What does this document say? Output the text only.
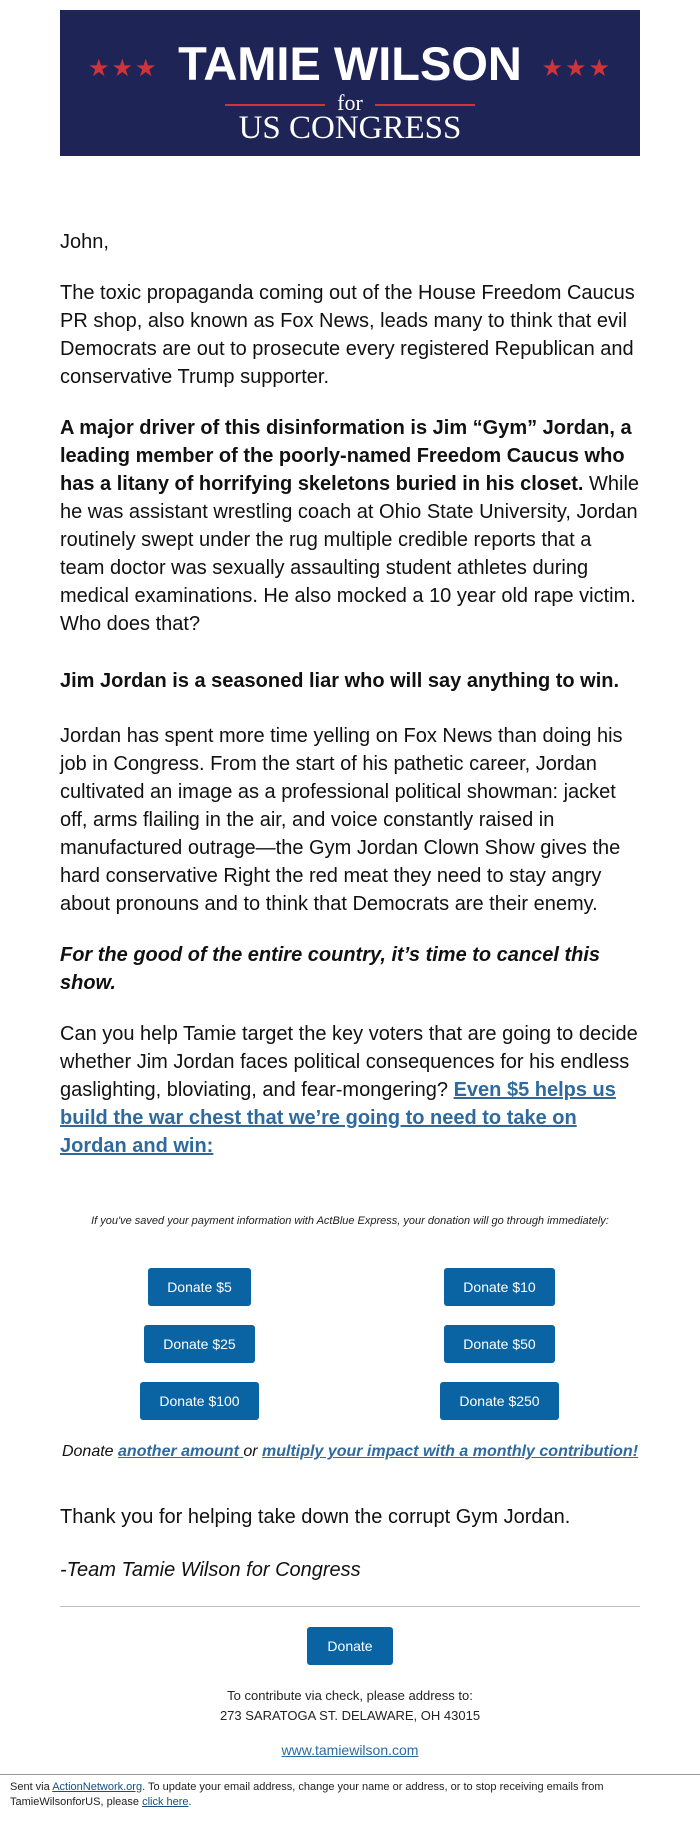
★★★	★★★
TAMIE WILSON
for
US CONGRESS

John,

The toxic propaganda coming out of the House Freedom Caucus PR shop, also known as Fox News, leads many to think that evil Democrats are out to prosecute every registered Republican and conservative Trump supporter.

A major driver of this disinformation is Jim “Gym” Jordan, a leading member of the poorly-named Freedom Caucus who has a litany of horrifying skeletons buried in his closet. While he was assistant wrestling coach at Ohio State University, Jordan routinely swept under the rug multiple credible reports that a team doctor was sexually assaulting student athletes during medical examinations. He also mocked a 10 year old rape victim. Who does that?

Jim Jordan is a seasoned liar who will say anything to win.

Jordan has spent more time yelling on Fox News than doing his job in Congress. From the start of his pathetic career, Jordan cultivated an image as a professional political showman: jacket off, arms flailing in the air, and voice constantly raised in manufactured outrage—the Gym Jordan Clown Show gives the hard conservative Right the red meat they need to stay angry about pronouns and to think that Democrats are their enemy.

For the good of the entire country, it’s time to cancel this show.

Can you help Tamie target the key voters that are going to decide whether Jim Jordan faces political consequences for his endless gaslighting, bloviating, and fear-mongering? Even $5 helps us build the war chest that we’re going to need to take on Jordan and win:

If you've saved your payment information with ActBlue Express, your donation will go through immediately:
Donate $5	Donate $10
Donate $25	Donate $50
Donate $100	Donate $250
Donate another amount or multiply your impact with a monthly contribution!
Thank you for helping take down the corrupt Gym Jordan.
-Team Tamie Wilson for Congress
Donate
To contribute via check, please address to:
273 SARATOGA ST. DELAWARE, OH 43015
www.tamiewilson.com
Sent via ActionNetwork.org. To update your email address, change your name or address, or to stop receiving emails from TamieWilsonforUS, please click here.
